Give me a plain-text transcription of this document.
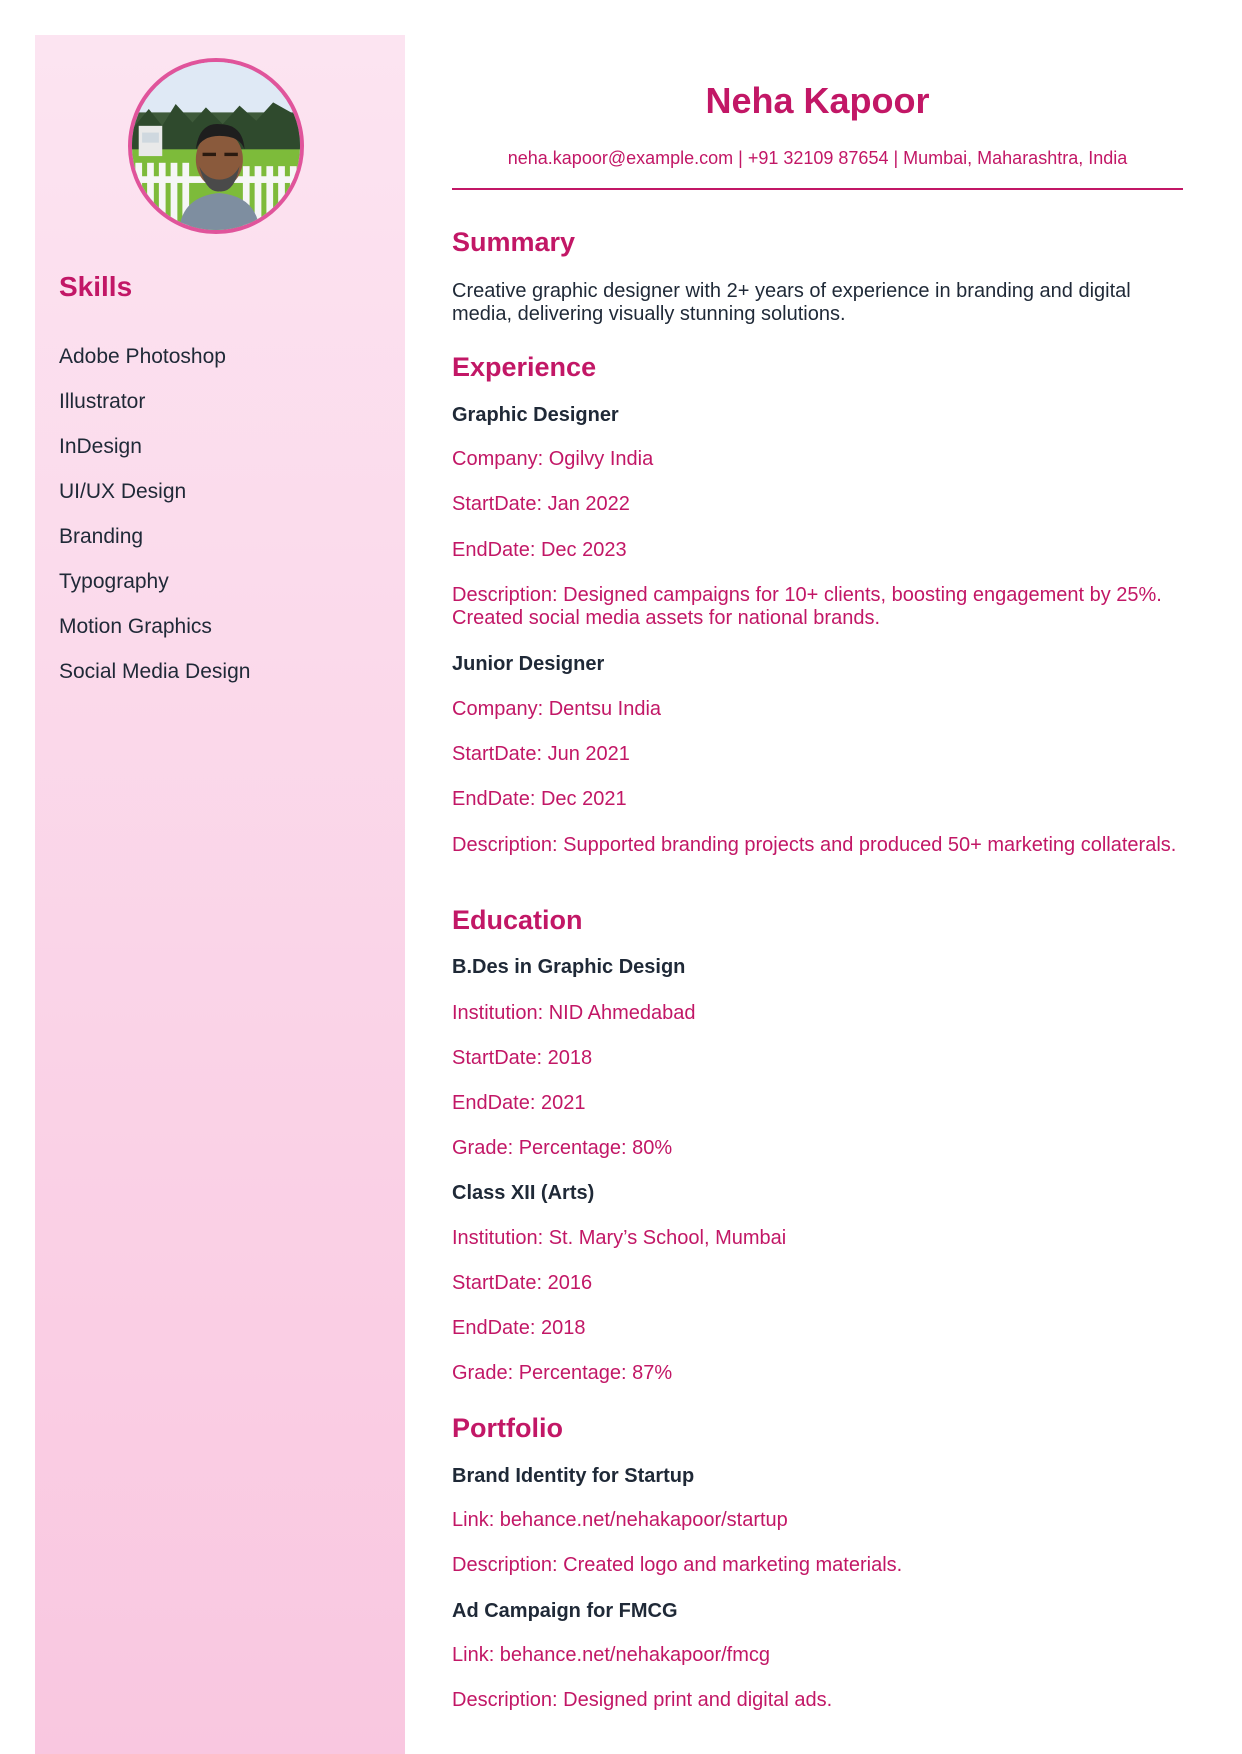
Skills
Adobe Photoshop
Illustrator
InDesign
UI/UX Design
Branding
Typography
Motion Graphics
Social Media Design
Neha Kapoor
neha.kapoor@example.com | +91 32109 87654 | Mumbai, Maharashtra, India
Summary

Creative graphic designer with 2+ years of experience in branding and digital media, delivering visually stunning solutions.

Experience
Graphic Designer
Company: Ogilvy India
StartDate: Jan 2022
EndDate: Dec 2023
Description: Designed campaigns for 10+ clients, boosting engagement by 25%. Created social media assets for national brands.
Junior Designer
Company: Dentsu India
StartDate: Jun 2021
EndDate: Dec 2021
Description: Supported branding projects and produced 50+ marketing collaterals.
Education
B.Des in Graphic Design
Institution: NID Ahmedabad
StartDate: 2018
EndDate: 2021
Grade: Percentage: 80%
Class XII (Arts)
Institution: St. Mary’s School, Mumbai
StartDate: 2016
EndDate: 2018
Grade: Percentage: 87%
Portfolio
Brand Identity for Startup
Link: behance.net/nehakapoor/startup
Description: Created logo and marketing materials.
Ad Campaign for FMCG
Link: behance.net/nehakapoor/fmcg
Description: Designed print and digital ads.
